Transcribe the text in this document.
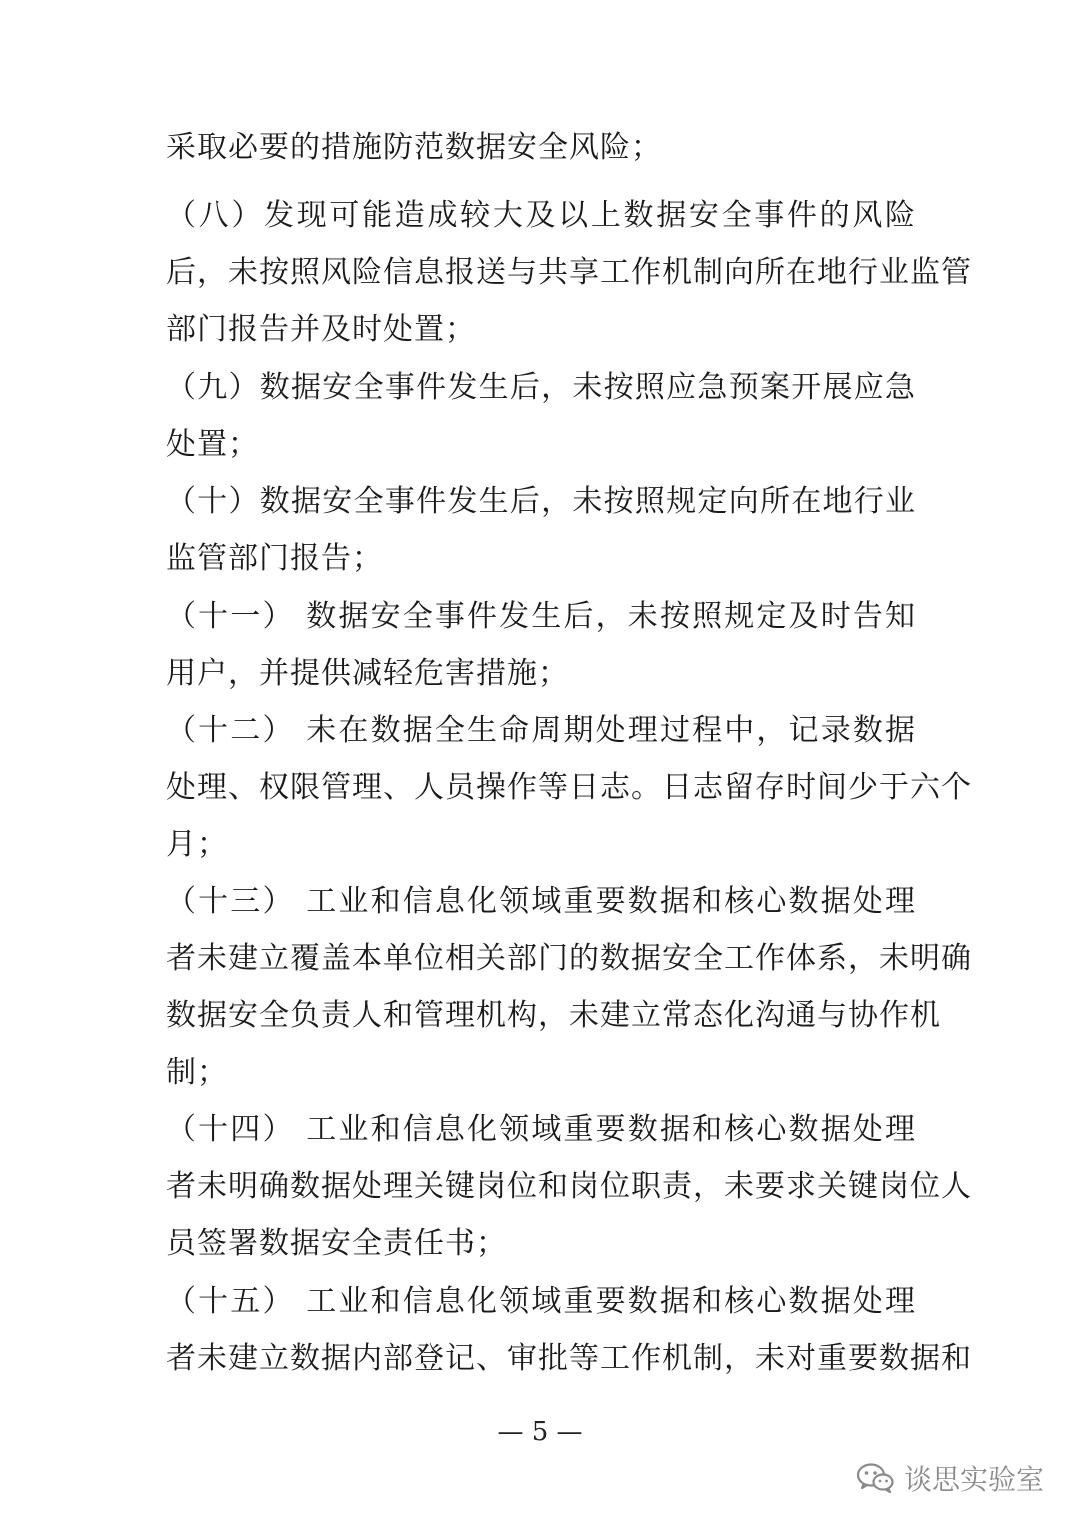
采取必要的措施防范数据安全风险；
（八）发现可能造成较大及以上数据安全事件的风险
后，未按照风险信息报送与共享工作机制向所在地行业监管
部门报告并及时处置；
（九）数据安全事件发生后，未按照应急预案开展应急
处置；
（十）数据安全事件发生后，未按照规定向所在地行业
监管部门报告；
（十一） 数据安全事件发生后，未按照规定及时告知
用户，并提供减轻危害措施；
（十二） 未在数据全生命周期处理过程中，记录数据
处理、权限管理、人员操作等日志。日志留存时间少于六个
月；
（十三） 工业和信息化领域重要数据和核心数据处理
者未建立覆盖本单位相关部门的数据安全工作体系，未明确
数据安全负责人和管理机构，未建立常态化沟通与协作机
制；
（十四） 工业和信息化领域重要数据和核心数据处理
者未明确数据处理关键岗位和岗位职责，未要求关键岗位人
员签署数据安全责任书；
（十五） 工业和信息化领域重要数据和核心数据处理
者未建立数据内部登记、审批等工作机制，未对重要数据和
— 5 —
谈思实验室
